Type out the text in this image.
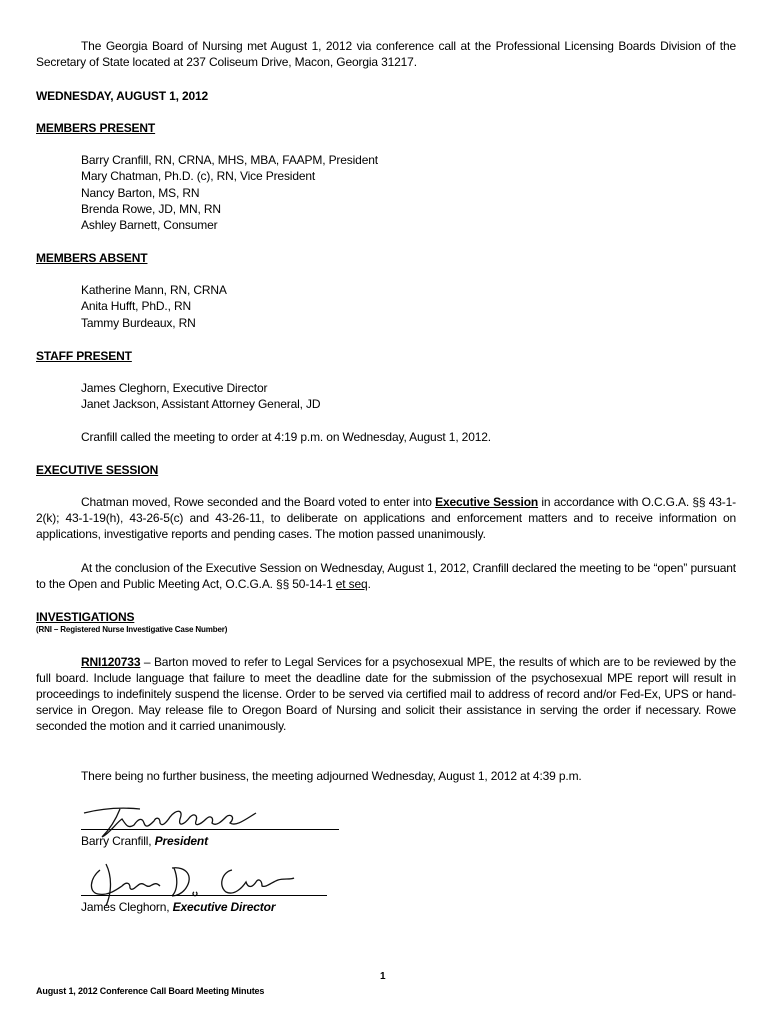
The Georgia Board of Nursing met August 1, 2012 via conference call at the Professional Licensing Boards Division of the Secretary of State located at 237 Coliseum Drive, Macon, Georgia 31217.

WEDNESDAY, AUGUST 1, 2012

MEMBERS PRESENT

Barry Cranfill, RN, CRNA, MHS, MBA, FAAPM, President
Mary Chatman, Ph.D. (c), RN, Vice President
Nancy Barton, MS, RN
Brenda Rowe, JD, MN, RN
Ashley Barnett, Consumer

MEMBERS ABSENT

Katherine Mann, RN, CRNA
Anita Hufft, PhD., RN
Tammy Burdeaux, RN

STAFF PRESENT

James Cleghorn, Executive Director
Janet Jackson, Assistant Attorney General, JD

Cranfill called the meeting to order at 4:19 p.m. on Wednesday, August 1, 2012.

EXECUTIVE SESSION

Chatman moved, Rowe seconded and the Board voted to enter into Executive Session in accordance with O.C.G.A. §§ 43-1-2(k); 43-1-19(h), 43-26-5(c) and 43-26-11, to deliberate on applications and enforcement matters and to receive information on applications, investigative reports and pending cases. The motion passed unanimously.

At the conclusion of the Executive Session on Wednesday, August 1, 2012, Cranfill declared the meeting to be “open” pursuant to the Open and Public Meeting Act, O.C.G.A. §§ 50-14-1 et seq.

INVESTIGATIONS

(RNI – Registered Nurse Investigative Case Number)

RNI120733 – Barton moved to refer to Legal Services for a psychosexual MPE, the results of which are to be reviewed by the full board. Include language that failure to meet the deadline date for the submission of the psychosexual MPE report will result in proceedings to indefinitely suspend the license. Order to be served via certified mail to address of record and/or Fed-Ex, UPS or hand-service in Oregon. May release file to Oregon Board of Nursing and solicit their assistance in serving the order if necessary. Rowe seconded the motion and it carried unanimously.

There being no further business, the meeting adjourned Wednesday, August 1, 2012 at 4:39 p.m.

Barry Cranfill, President

James Cleghorn, Executive Director

1

August 1, 2012 Conference Call Board Meeting Minutes
